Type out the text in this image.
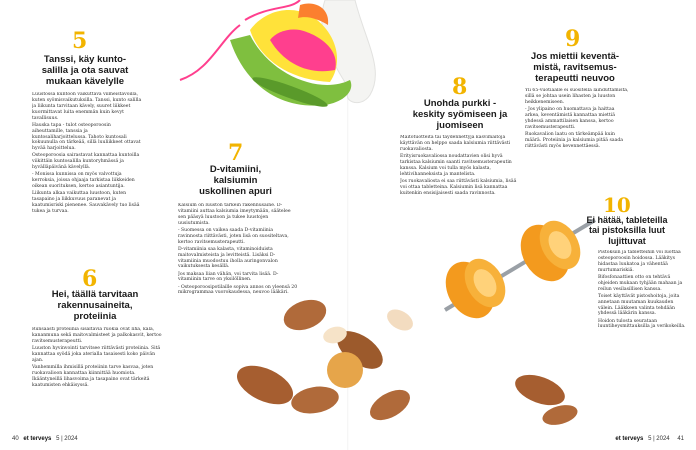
5
Tanssi, käy kunto-
salilla ja ota sauvat
mukaan kävelylle

Luustossa kuntoon vaikuttava viimeistavoilla, kuten syömisvaikutuksilla. Tanssi, kunto salilla ja liikunta tarvitaan kävely, suuret liikkeet kuormittavat luita enemmän kuin kevyt tavallisuus.

Hauska tapa - tulot osteoporoosin aiheuttamille, tanssia ja kuntosaliharjoittelussa. Tahoto kuntosali kokuunulla on tärkeää, sillä luuliikkeet ottavat hyvää harjoittelua.

Osteoporoosia sairastavat kannattaa kuntoilla viikittäin kuntosalilla kuntoryhmässä ja hyvälläpäivänä kävelyllä.

- Monissa kunnissa on myös valvottuja kerroksia, joissa ohjaaja tarkistaa liikkeiden oikean suorituksen, kertoo asiantuntija.

Liikunta alkaa vaikuttaa luustoon, kuten tasapaino ja liikkuvuus paranevat ja kaatumisriski pienenee. Sauvakävely tuo lisää tukea ja turvaa.

6
Hei, täällä tarvitaan
rakennusaineita,
proteiinia

Runsaasti proteiinia sisältäviä ruokia ovat liha, kala, kananmuna sekä maitovalmisteet ja palkokasvit, kertoo ravitsemusterapeutti.

Luuston hyvinvointi tarvitsee riittävästi proteiinia. Sitä kannattaa syödä joka aterialla tasaisesti koko päivän ajan.

Vanhemmilla ihmisillä proteiinin tarve kasvaa, joten ruokavalioon kannattaa kiinnittää huomiota. Ikääntyneillä lihasvoima ja tasapaino ovat tärkeitä kaatumisten ehkäisyssä.

7
D-vitamiini,
kalsiumin
uskollinen apuri

Kalsium on luuston tärkein rakennusaine. D-vitamiini auttaa kalsiumia imeytymään, säätelee sen pääsyä luustoon ja tukee luustojen uusiutumista.

- Suomessa on vaikea saada D-vitamiinia ravinnosta riittävästi, joten lisä on suositeltava, kertoo ravitsemusterapeutti.

D-vitamiinia saa kalasta, vitaminoiduista maitovalmisteista ja levitteistä. Lisäksi D-vitamiinia muodostuu iholla auringonvalon vaikutuksesta kesällä.

Jos maksaa liian vähän, voi tarvita lisää. D-vitamiinin tarve on yksilöllinen.

- Osteoporoosipotilaille sopiva annos on yleensä 20 mikrogrammaa vuorokaudessa, neuvoo lääkäri.

8
Unohda purkki -
keskity syömiseen ja
juomiseen

Maitotuotteita tai täydennettyjä kasvimaitoja käyttävän on helppo saada kalsiumia riittävästi ruokavaliosta.

Erityisruokavaliossa noudattavien olisi hyvä tarkistaa kalsiumin saanti ravitsemusterapeutin kanssa. Kalsium voi tulla myös kalasta, lehtivihanneksista ja mantelista.

Jos ruokavaliosta ei saa riittävästi kalsiumia, lisää voi ottaa tabletteina. Kalsiumin lisä kannattaa kuitenkin ensisijaisesti saada ravinnosta.

9
Jos miettii keventä-
mistä, ravitsemus-
terapeutti neuvoo

Yli 65-vuotiaalle ei suositella laihduttamista, sillä se johtaa usein lihasten ja luuston heikkenemiseen.

- Jos ylipaino on huomattava ja haittaa arkea, keventämistä kannattaa miettiä yhdessä ammattilaisen kanssa, kertoo ravitsemusterapeutti.

Ruokavalion laatu on tärkeämpää kuin määrä. Proteiinia ja kalsiumia pitää saada riittävästi myös kevennettäessä.

10
Ei hätää, tableteilla
tai pistoksilla luut
lujittuvat

Pistoksiin ja tabletteihin voi luottaa osteoporoosin hoidossa. Lääkitys hidastaa luukatoa ja vähentää murtumariskiä.

Bifosfonaattien otto on tehtävä ohjeiden mukaan tyhjään mahaan ja reilun vesilasillisen kanssa.

Toiset käyttävät pistoshoitoja, joita annetaan muutaman kuukauden välein. Lääkkeen valinta tehdään yhdessä lääkärin kanssa.

Hoidon tulosta seurataan luuntiheysmittauksilla ja verikokeilla.

40 et terveys 5 | 2024	et terveys 5 | 2024 41
